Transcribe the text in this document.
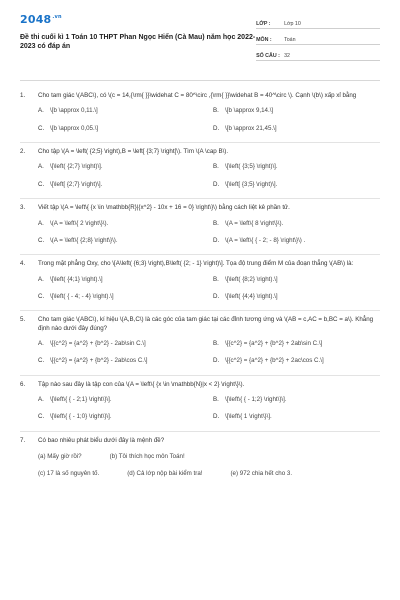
$2048^{.vn}$
Đề thi cuối kì 1 Toán 10 THPT Phan Ngọc Hiển (Cà Mau) năm học 2022-2023 có đáp án
LỚP :	Lớp 10
MÔN :	Toán
SỐ CÂU : 32
1.	Cho tam giác \(ABC\), có \(c = 14,{\rm{ }}\widehat C = 80^\circ ,{\rm{ }}\widehat B = 40^\circ \). Cạnh \(b\) xấp xỉ bằng
A. \[b \approx 0,11.\]	B. \[b \approx 9,14.\]
C. \[b \approx 0,05.\]	D. \[b \approx 21,45.\]
2.	Cho tập \(A = \left( {2;5} \right),B = \left[ {3;7} \right[\). Tìm \(A \cap B\).
A. \[\left( {2;7} \right)\].	B. \[\left( {3;5} \right)\].
C. \[\left[ {2;7} \right)\].	D. \[\left[ {3;5} \right)\].
3.	Viết tập \(A = \left\{ {x \in \mathbb{R}|{x^2} - 10x + 16 = 0} \right\}\) bằng cách liệt kê phần tử.
A. \(A = \left\{ 2 \right\}\).	B. \(A = \left\{ 8 \right\}\).
C. \(A = \left\{ {2;8} \right\}\).	D. \(A = \left\{ { - 2; - 8} \right\}\) .
4.	Trong mặt phẳng Oxy, cho \[A\left( {6;3} \right),B\left( {2; - 1} \right)\]. Tọa độ trung điểm M của đoạn thẳng \(AB\) là:
A. \[\left( {4;1} \right).\]	B. \[\left( {8;2} \right).\]
C. \[\left( { - 4; - 4} \right).\]	D. \[\left( {4;4} \right).\]
5.	Cho tam giác \(ABC\), kí hiệu \(A,B,C\) là các góc của tam giác tại các đỉnh tương ứng và \(AB = c,AC = b,BC = a\). Khẳng định nào dưới đây đúng?
A. \[{c^2} = {a^2} + {b^2} - 2ab\sin C.\]	B. \[{c^2} = {a^2} + {b^2} + 2ab\sin C.\]
C. \[{c^2} = {a^2} + {b^2} - 2ab\cos C.\]	D. \[{c^2} = {a^2} + {b^2} + 2ac\cos C.\]
6.	Tập nào sau đây là tập con của \(A = \left\{ {x \in \mathbb{N}|x < 2} \right\}\).
A. \[\left\{ { - 2;1} \right\}\].	B. \[\left\{ { - 1;2} \right\}\].
C. \[\left\{ { - 1;0} \right\}\].	D. \[\left\{ 1 \right\}\].
7.	Có bao nhiêu phát biểu dưới đây là mệnh đề?
(a) Mấy giờ rồi?	(b) Tôi thích học môn Toán!
(c) 17 là số nguyên tố.	(d) Cả lớp nộp bài kiểm tra!	(e) 972 chia hết cho 3.
